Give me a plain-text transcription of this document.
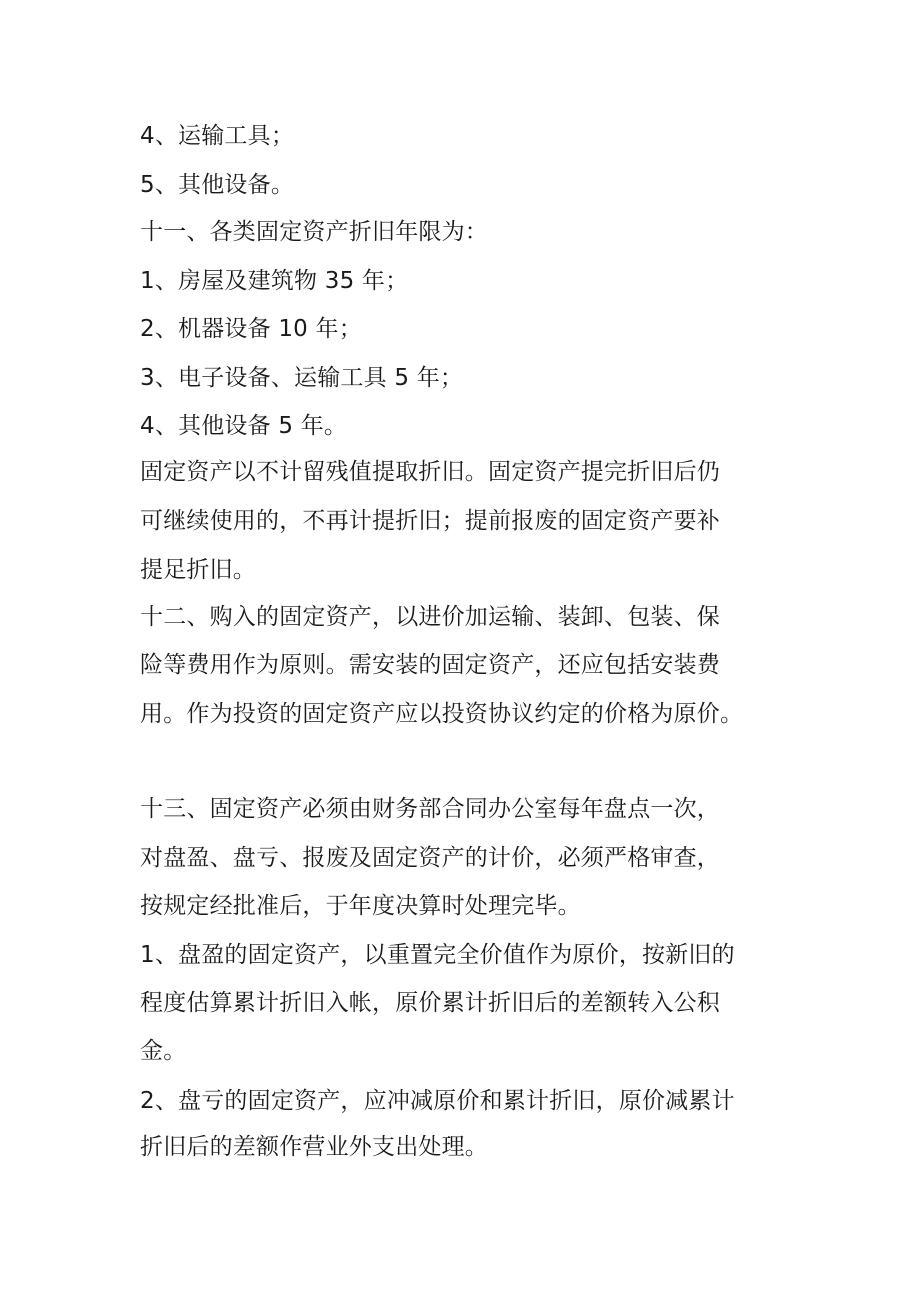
4、运输工具；
5、其他设备。
十一、各类固定资产折旧年限为：
1、房屋及建筑物 35 年；
2、机器设备 10 年；
3、电子设备、运输工具 5 年；
4、其他设备 5 年。
固定资产以不计留残值提取折旧。固定资产提完折旧后仍
可继续使用的，不再计提折旧；提前报废的固定资产要补
提足折旧。
十二、购入的固定资产，以进价加运输、装卸、包装、保
险等费用作为原则。需安装的固定资产，还应包括安装费
用。作为投资的固定资产应以投资协议约定的价格为原价。
十三、固定资产必须由财务部合同办公室每年盘点一次，
对盘盈、盘亏、报废及固定资产的计价，必须严格审查，
按规定经批准后，于年度决算时处理完毕。
1、盘盈的固定资产，以重置完全价值作为原价，按新旧的
程度估算累计折旧入帐，原价累计折旧后的差额转入公积
金。
2、盘亏的固定资产，应冲减原价和累计折旧，原价减累计
折旧后的差额作营业外支出处理。
